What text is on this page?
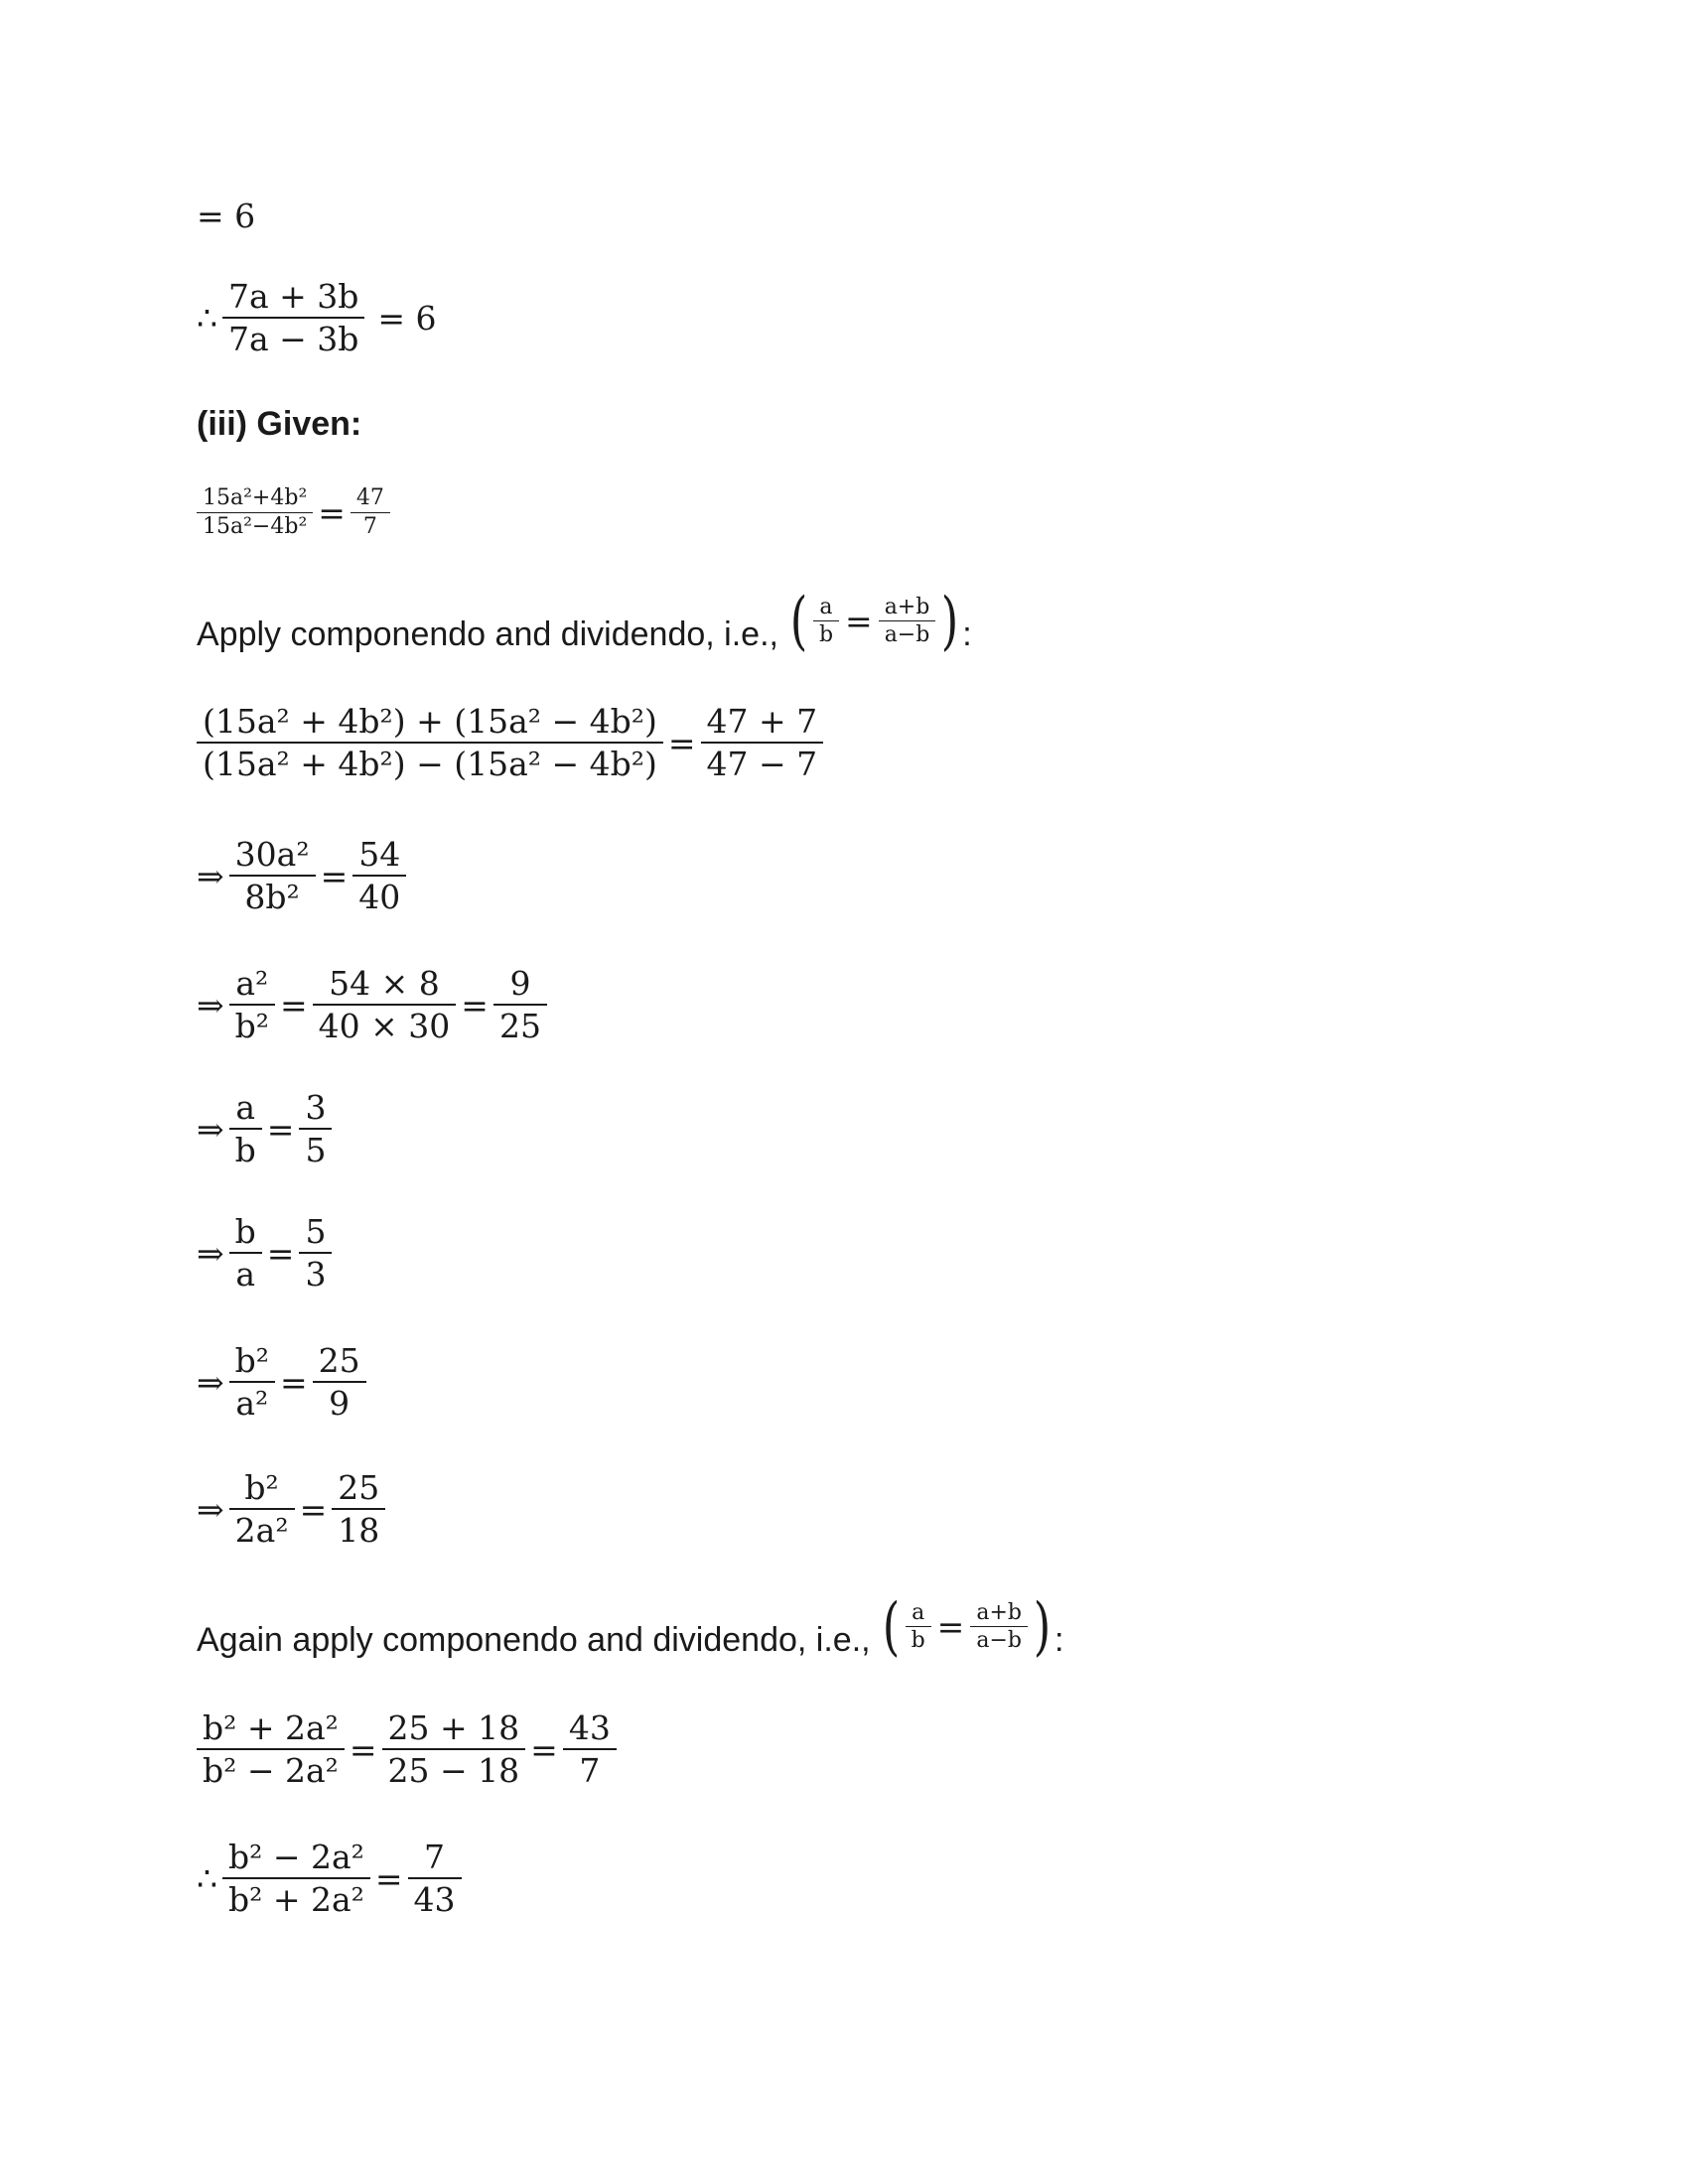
= 6
∴ $\frac{7a + 3b}{7a - 3b} = 6$
(iii) Given:
$\frac{\text{15a²+4b²}}{\text{15a²−4b²}} = \frac{47}{7}$
Apply componendo and dividendo, i.e., ( $\frac{a}{b} = \frac{a+b}{a-b}$ ) :
$\frac{\text{(15a² + 4b²) + (15a² − 4b²)}}{\text{(15a² + 4b²) − (15a² − 4b²)}} = \frac{47 + 7}{47 - 7}$
⇒ $\frac{\text{30a²}}{\text{8b²}} = \frac{54}{40}$
⇒ $\frac{\text{a²}}{\text{b²}} = \frac{54 \times 8}{40 \times 30} = \frac{9}{25}$
⇒ $\frac{a}{b} = \frac{3}{5}$
⇒ $\frac{b}{a} = \frac{5}{3}$
⇒ $\frac{\text{b²}}{\text{a²}} = \frac{25}{9}$
⇒ $\frac{\text{b²}}{\text{2a²}} = \frac{25}{18}$
Again apply componendo and dividendo, i.e., ( $\frac{a}{b} = \frac{a+b}{a-b}$ ) :
$\frac{\text{b² + 2a²}}{\text{b² − 2a²}} = \frac{25 + 18}{25 - 18} = \frac{43}{7}$
∴ $\frac{\text{b² − 2a²}}{\text{b² + 2a²}} = \frac{7}{43}$
